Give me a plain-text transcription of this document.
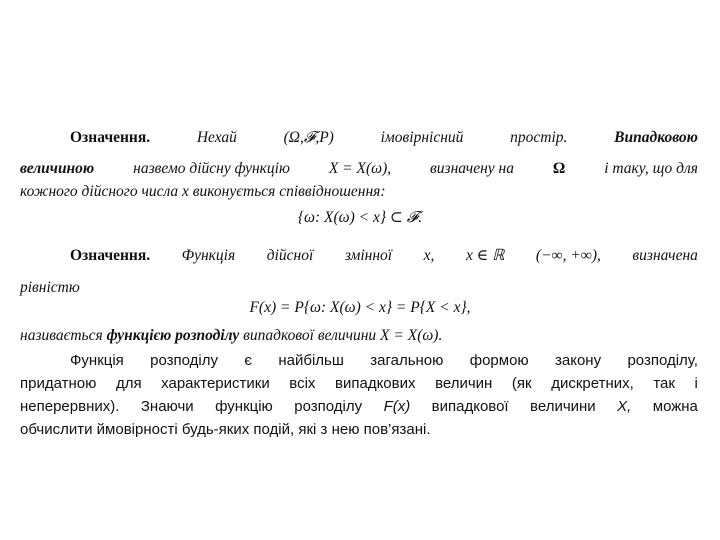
Означення.	Нехай	(Ω,𝓕,P)	імовірнісний	простір.	Випадковою
величиною	назвемо дійсну функцію	X = X(ω),	визначену на	Ω	і таку, що для
кожного дійсного числа x виконується співвідношення:
{ω: X(ω) < x} ⊂ 𝓕.
Означення. Функція дійсної змінної x, x ∈ ℝ (−∞, +∞), визначена
рівністю
F(x) = P{ω: X(ω) < x} = P{X < x},
називається функцією розподілу випадкової величини X = X(ω).
Функція розподілу є найбільш загальною формою закону розподілу,
придатною для характеристики всіх випадкових величин (як дискретних, так і
неперервних). Знаючи функцію розподілу F(x) випадкової величини X, можна
обчислити ймовірності будь-яких подій, які з нею пов’язані.
